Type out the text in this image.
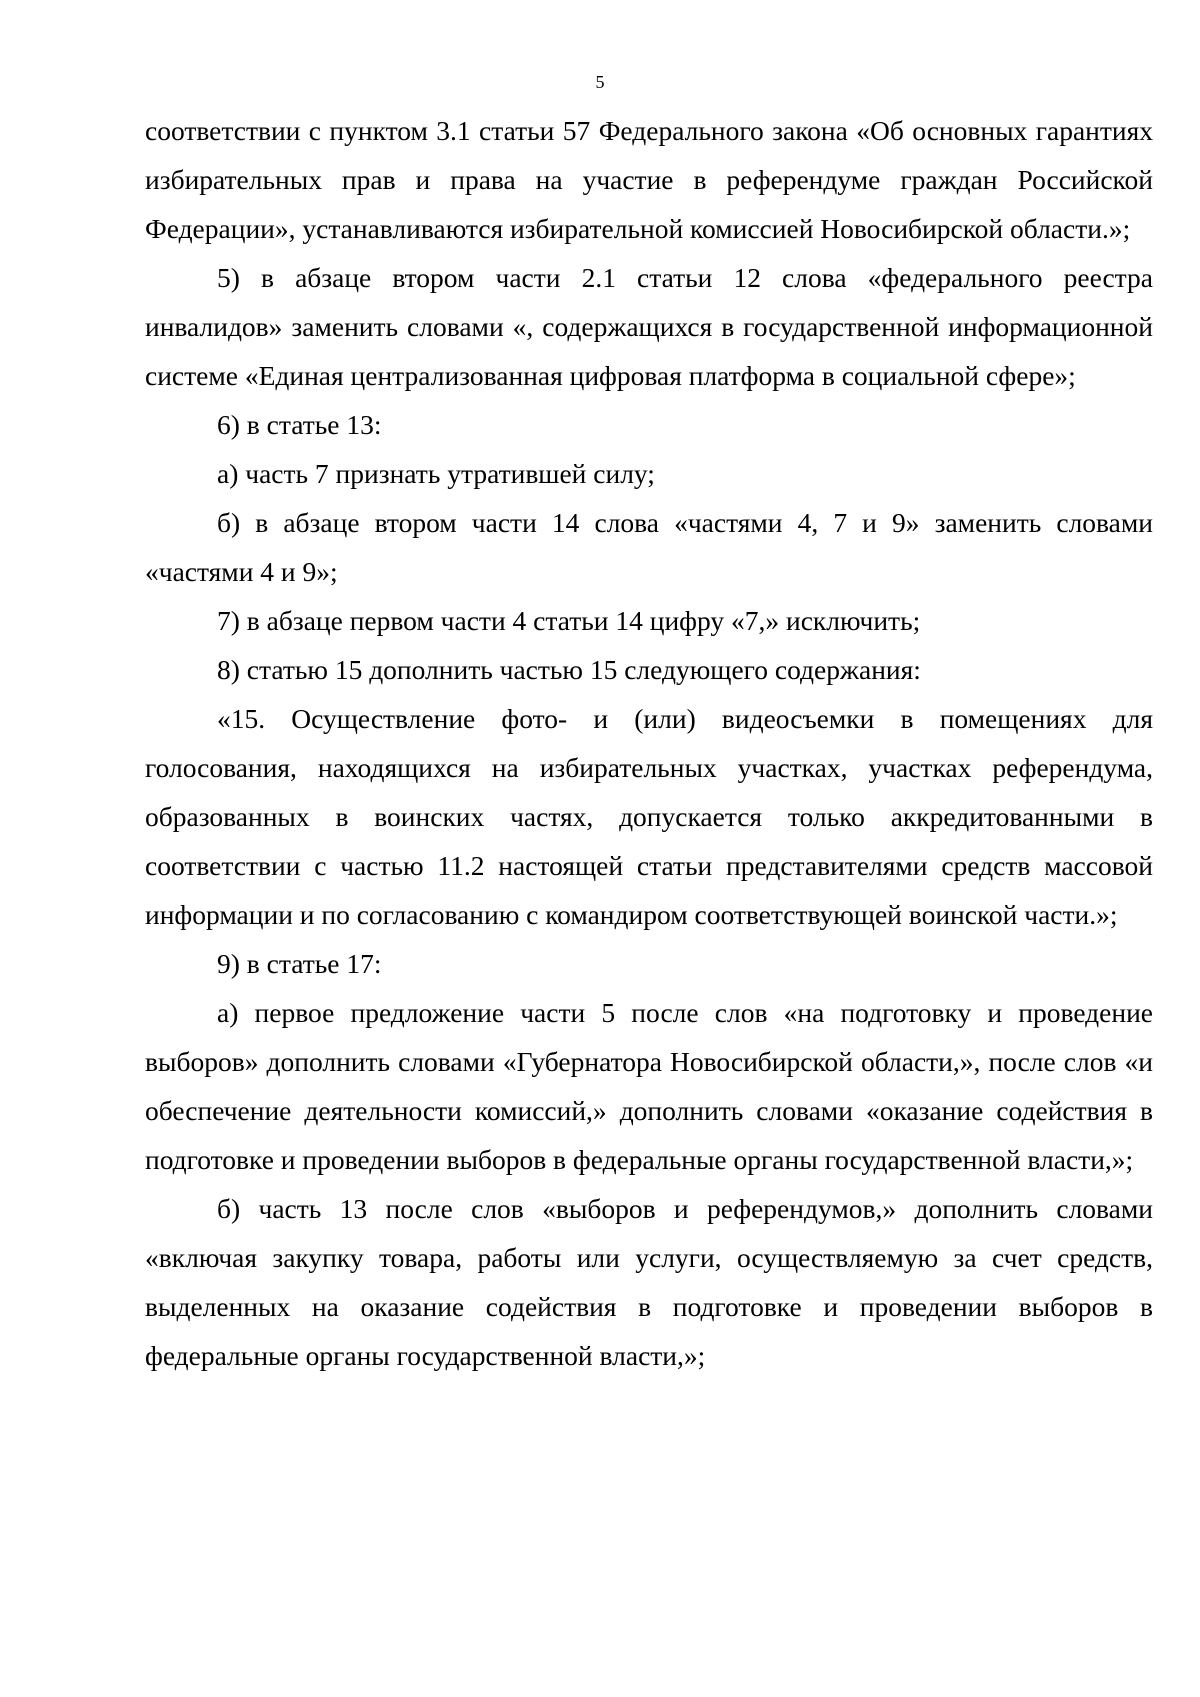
5

соответствии с пунктом 3.1 статьи 57 Федерального закона «Об основных гарантиях избирательных прав и права на участие в референдуме граждан Российской Федерации», устанавливаются избирательной комиссией Новосибирской области.»;

5) в абзаце втором части 2.1 статьи 12 слова «федерального реестра инвалидов» заменить словами «, содержащихся в государственной информационной системе «Единая централизованная цифровая платформа в социальной сфере»;

6) в статье 13:

а) часть 7 признать утратившей силу;

б) в абзаце втором части 14 слова «частями 4, 7 и 9» заменить словами «частями 4 и 9»;

7) в абзаце первом части 4 статьи 14 цифру «7,» исключить;

8) статью 15 дополнить частью 15 следующего содержания:

«15. Осуществление фото- и (или) видеосъемки в помещениях для голосования, находящихся на избирательных участках, участках референдума, образованных в воинских частях, допускается только аккредитованными в соответствии с частью 11.2 настоящей статьи представителями средств массовой информации и по согласованию с командиром соответствующей воинской части.»;

9) в статье 17:

а) первое предложение части 5 после слов «на подготовку и проведение выборов» дополнить словами «Губернатора Новосибирской области,», после слов «и обеспечение деятельности комиссий,» дополнить словами «оказание содействия в подготовке и проведении выборов в федеральные органы государственной власти,»;

б) часть 13 после слов «выборов и референдумов,» дополнить словами «включая закупку товара, работы или услуги, осуществляемую за счет средств, выделенных на оказание содействия в подготовке и проведении выборов в федеральные органы государственной власти,»;
